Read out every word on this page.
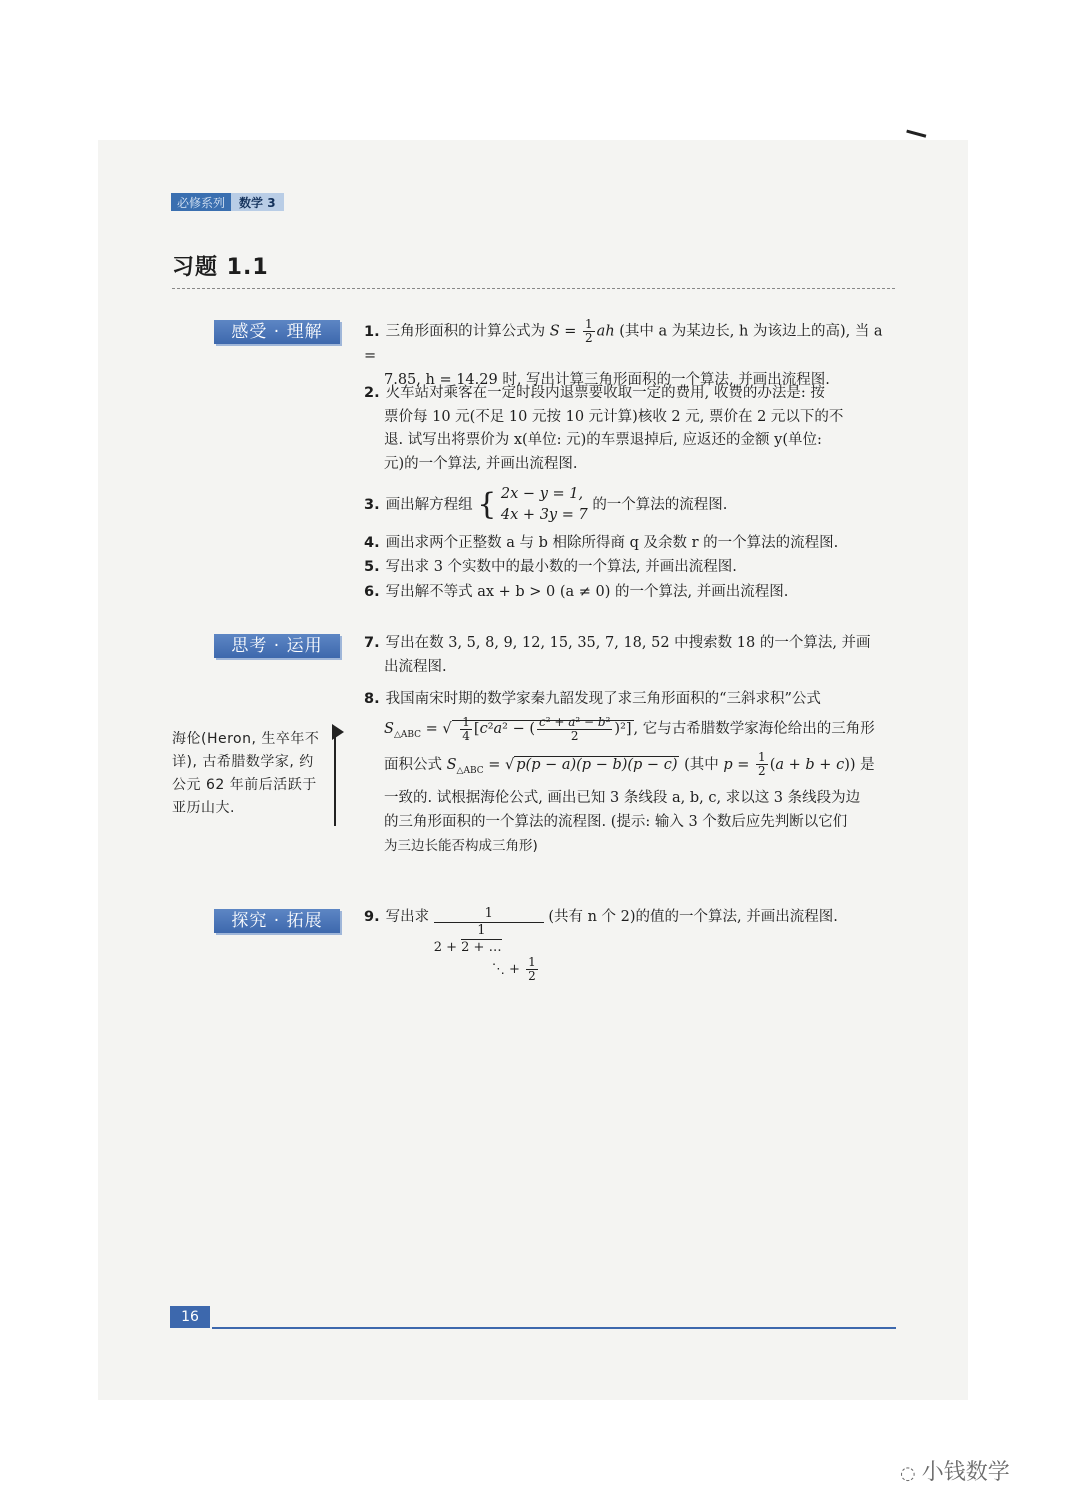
必修系列	数学 3
习题 1.1
感受 · 理解	1. 三角形面积的计算公式为 $S = \frac{1}{2}$ ah (其中 a 为某边长, h 为该边上的高), 当 a =
7.85, h = 14.29 时, 写出计算三角形面积的一个算法, 并画出流程图.
2. 火车站对乘客在一定时段内退票要收取一定的费用, 收费的办法是: 按
票价每 10 元(不足 10 元按 10 元计算)核收 2 元, 票价在 2 元以下的不
退. 试写出将票价为 x(单位: 元)的车票退掉后, 应返还的金额 y(单位:
元)的一个算法, 并画出流程图.
3. 画出解方程组 { 2x − y = 1,
4x + 3y = 7
的一个算法的流程图.
4. 画出求两个正整数 a 与 b 相除所得商 q 及余数 r 的一个算法的流程图.
5. 写出求 3 个实数中的最小数的一个算法, 并画出流程图.
6. 写出解不等式 ax + b > 0 (a ≠ 0) 的一个算法, 并画出流程图.
思考 · 运用	7. 写出在数 3, 5, 8, 9, 12, 15, 35, 7, 18, 52 中搜索数 18 的一个算法, 并画
出流程图.
8. 我国南宋时期的数学家秦九韶发现了求三角形面积的“三斜求积”公式
$S_{\triangle ABC}$ = √ $\frac{1}{4} [c^2a^2$ − ( $\frac{\text{c² + a² − b²}}{2} )^2$] , 它与古希腊数学家海伦给出的三角形
面积公式 $S_{\triangle ABC}$ = √ p(p − a)(p − b)(p − c) (其中 $p = \frac{1}{2} (a + b + c)$) 是
一致的. 试根据海伦公式, 画出已知 3 条线段 a, b, c, 求以这 3 条线段为边
的三角形面积的一个算法的流程图. (提示: 输入 3 个数后应先判断以它们
为三边长能否构成三角形)
海伦(Heron, 生卒年不详), 古希腊数学家, 约公元 62 年前后活跃于亚历山大.
探究 · 拓展	9. 写出求	1
$2 + \frac{1}{2 + \dots}$
⋱ + $\frac{1}{2}$
(共有 n 个 2)的值的一个算法, 并画出流程图.
16
◌ 小钱数学
